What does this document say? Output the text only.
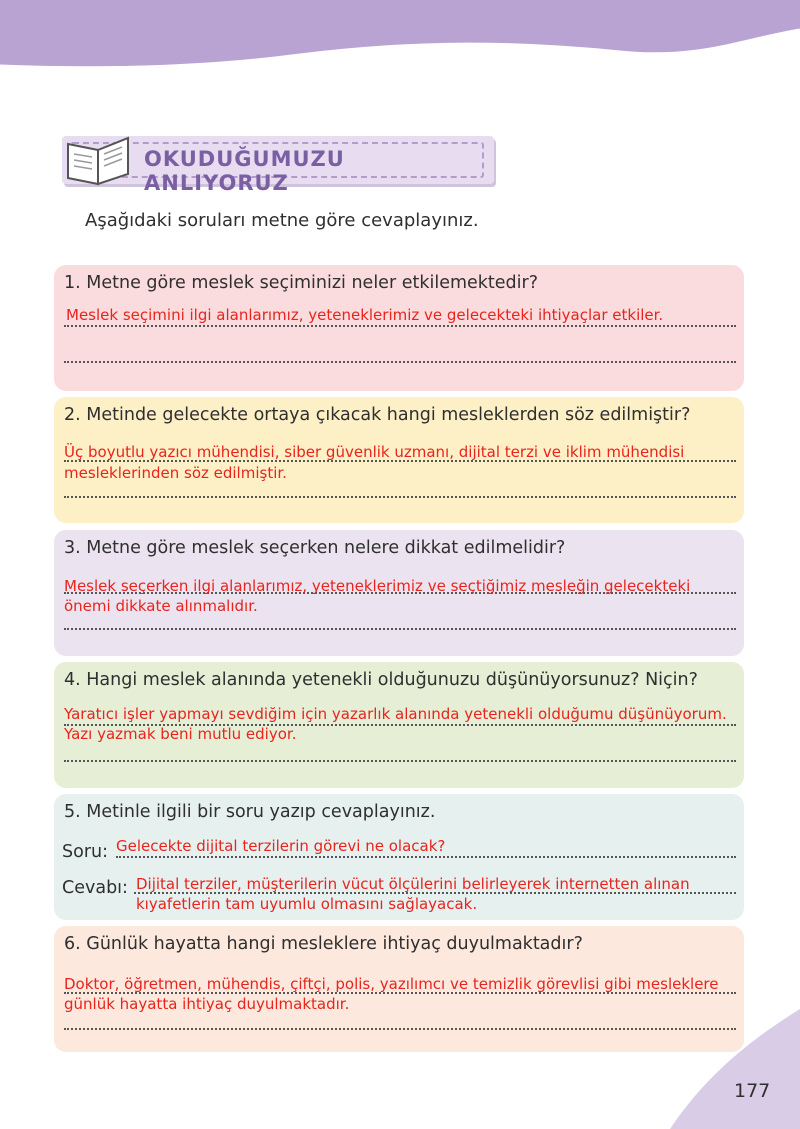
OKUDUĞUMUZU ANLIYORUZ
Aşağıdaki soruları metne göre cevaplayınız.
1. Metne göre meslek seçiminizi neler etkilemektedir?
Meslek seçimini ilgi alanlarımız, yeteneklerimiz ve gelecekteki ihtiyaçlar etkiler.
2. Metinde gelecekte ortaya çıkacak hangi mesleklerden söz edilmiştir?
Üç boyutlu yazıcı mühendisi, siber güvenlik uzmanı, dijital terzi ve iklim mühendisi
mesleklerinden söz edilmiştir.
3. Metne göre meslek seçerken nelere dikkat edilmelidir?
Meslek seçerken ilgi alanlarımız, yeteneklerimiz ve seçtiğimiz mesleğin gelecekteki
önemi dikkate alınmalıdır.
4. Hangi meslek alanında yetenekli olduğunuzu düşünüyorsunuz? Niçin?
Yaratıcı işler yapmayı sevdiğim için yazarlık alanında yetenekli olduğumu düşünüyorum.
Yazı yazmak beni mutlu ediyor.
5. Metinle ilgili bir soru yazıp cevaplayınız.
Soru: Gelecekte dijital terzilerin görevi ne olacak?
Cevabı: Dijital terziler, müşterilerin vücut ölçülerini belirleyerek internetten alınan
kıyafetlerin tam uyumlu olmasını sağlayacak.
6. Günlük hayatta hangi mesleklere ihtiyaç duyulmaktadır?
Doktor, öğretmen, mühendis, çiftçi, polis, yazılımcı ve temizlik görevlisi gibi mesleklere
günlük hayatta ihtiyaç duyulmaktadır.
177
